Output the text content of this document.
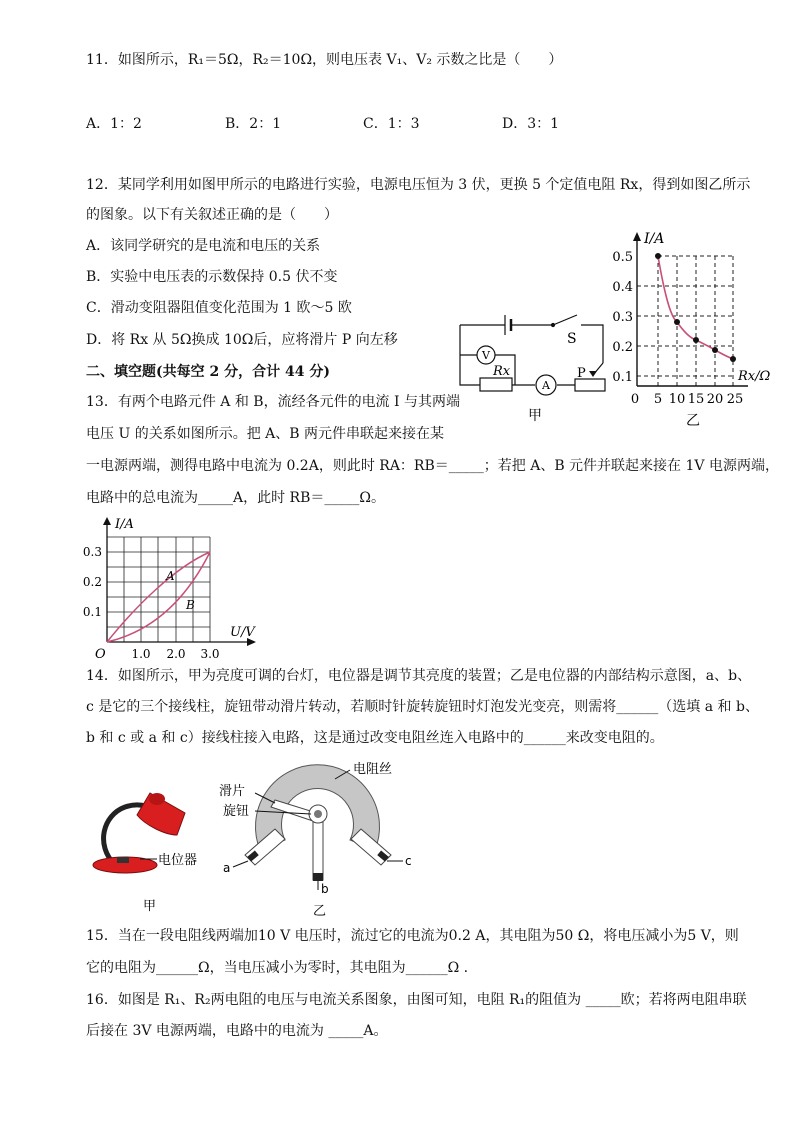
11．如图所示，R₁＝5Ω，R₂＝10Ω，则电压表 V₁、V₂ 示数之比是（　　）
A．1：2	B．2：1	C．1：3	D．3：1
12．某同学利用如图甲所示的电路进行实验，电源电压恒为 3 伏，更换 5 个定值电阻 Rx，得到如图乙所示
的图象。以下有关叙述正确的是（　　）
A．该同学研究的是电流和电压的关系
B．实验中电压表的示数保持 0.5 伏不变
C．滑动变阻器阻值变化范围为 1 欧～5 欧
D．将 Rx 从 5Ω换成 10Ω后，应将滑片 P 向左移
V
A
S
Rx	P
甲
I/A
Rx/Ω
0.5
0.4
0.3
0.2
0.1
0 5 10 15 20 25
乙
二、填空题(共每空 2 分，合计 44 分)
13．有两个电路元件 A 和 B，流经各元件的电流 I 与其两端
电压 U 的关系如图所示。把 A、B 两元件串联起来接在某
一电源两端，测得电路中电流为 0.2A，则此时 RA：RB＝_____；若把 A、B 元件并联起来接在 1V 电源两端，
电路中的总电流为_____A，此时 RB＝_____Ω。
I/A
U/V
O
0.3
0.2
0.1
1.0 2.0 3.0
A
B
14．如图所示，甲为亮度可调的台灯，电位器是调节其亮度的装置；乙是电位器的内部结构示意图，a、b、
c 是它的三个接线柱，旋钮带动滑片转动，若顺时针旋转旋钮时灯泡发光变亮，则需将______（选填 a 和 b、
b 和 c 或 a 和 c）接线柱接入电路，这是通过改变电阻丝连入电路中的______来改变电阻的。
电位器
甲
电阻丝
滑片
旋钮
a
b
c
乙
15．当在一段电阻线两端加10 V 电压时，流过它的电流为0.2 A，其电阻为50 Ω，将电压减小为5 V，则
它的电阻为______Ω，当电压减小为零时，其电阻为______Ω .
16．如图是 R₁、R₂两电阻的电压与电流关系图象，由图可知，电阻 R₁的阻值为 _____欧；若将两电阻串联
后接在 3V 电源两端，电路中的电流为 _____A。
